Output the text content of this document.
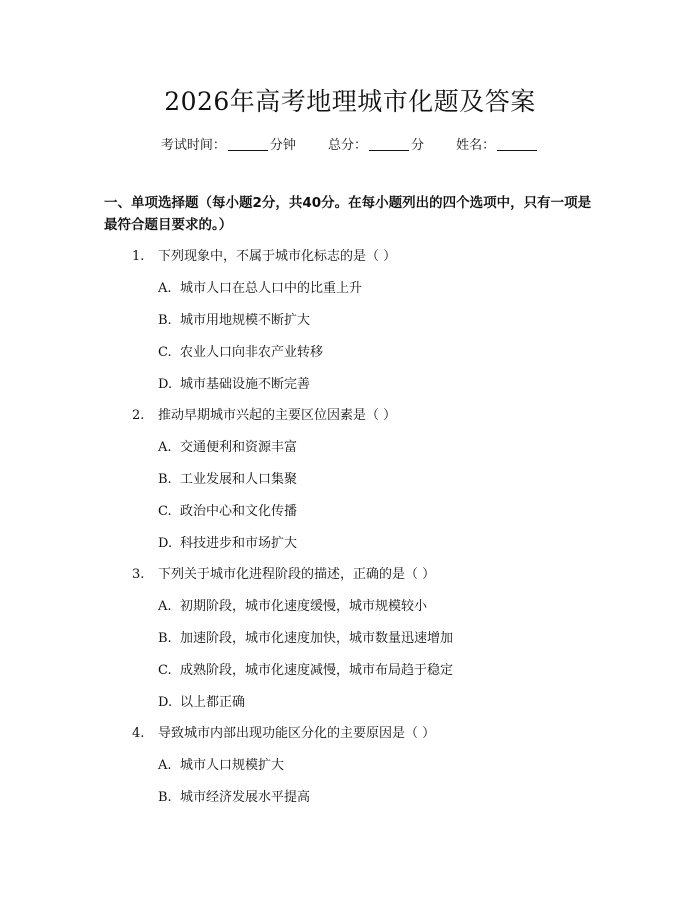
2026年高考地理城市化题及答案
考试时间：	分钟 总分：	分 姓名：
一、单项选择题（每小题2分，共40分。在每小题列出的四个选项中，只有一项是最符合题目要求的。）
1. 下列现象中，不属于城市化标志的是（ ）
A. 城市人口在总人口中的比重上升
B. 城市用地规模不断扩大
C. 农业人口向非农产业转移
D. 城市基础设施不断完善
2. 推动早期城市兴起的主要区位因素是（ ）
A. 交通便利和资源丰富
B. 工业发展和人口集聚
C. 政治中心和文化传播
D. 科技进步和市场扩大
3. 下列关于城市化进程阶段的描述，正确的是（ ）
A. 初期阶段，城市化速度缓慢，城市规模较小
B. 加速阶段，城市化速度加快，城市数量迅速增加
C. 成熟阶段，城市化速度减慢，城市布局趋于稳定
D. 以上都正确
4. 导致城市内部出现功能区分化的主要原因是（ ）
A. 城市人口规模扩大
B. 城市经济发展水平提高
